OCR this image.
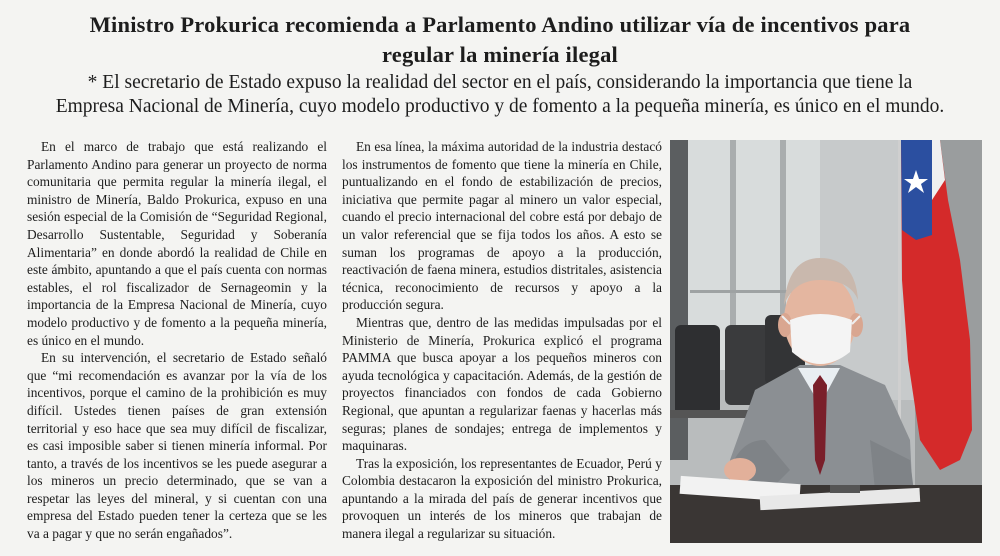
Ministro Prokurica recomienda a Parlamento Andino utilizar vía de incentivos para
regular la minería ilegal
* El secretario de Estado expuso la realidad del sector en el país, considerando la importancia que tiene la
Empresa Nacional de Minería, cuyo modelo productivo y de fomento a la pequeña minería, es único en el mundo.

En el marco de trabajo que está realizando el Parlamento Andino para generar un proyecto de norma comunitaria que permita regular la minería ilegal, el ministro de Minería, Baldo Prokurica, expuso en una sesión especial de la Comisión de “Seguridad Regional, Desarrollo Sustentable, Seguridad y Soberanía Alimentaria” en donde abordó la realidad de Chile en este ámbito, apuntando a que el país cuenta con normas estables, el rol fiscalizador de Sernageomin y la importancia de la Empresa Nacional de Minería, cuyo modelo productivo y de fomento a la pequeña minería, es único en el mundo.

En su intervención, el secretario de Estado señaló que “mi recomendación es avanzar por la vía de los incentivos, porque el camino de la prohibición es muy difícil. Ustedes tienen países de gran extensión territorial y eso hace que sea muy difícil de fiscalizar, es casi imposible saber si tienen minería informal. Por tanto, a través de los incentivos se les puede asegurar a los mineros un precio determinado, que se van a respetar las leyes del mineral, y si cuentan con una empresa del Estado pueden tener la certeza que se les va a pagar y que no serán engañados”.

En esa línea, la máxima autoridad de la industria destacó los instrumentos de fomento que tiene la minería en Chile, puntualizando en el fondo de estabilización de precios, iniciativa que permite pagar al minero un valor especial, cuando el precio internacional del cobre está por debajo de un valor referencial que se fija todos los años. A esto se suman los programas de apoyo a la producción, reactivación de faena minera, estudios distritales, asistencia técnica, reconocimiento de recursos y apoyo a la producción segura.

Mientras que, dentro de las medidas impulsadas por el Ministerio de Minería, Prokurica explicó el programa PAMMA que busca apoyar a los pequeños mineros con ayuda tecnológica y capacitación. Además, de la gestión de proyectos financiados con fondos de cada Gobierno Regional, que apuntan a regularizar faenas y hacerlas más seguras; planes de sondajes; entrega de implementos y maquinaras.

Tras la exposición, los representantes de Ecuador, Perú y Colombia destacaron la exposición del ministro Prokurica, apuntando a la mirada del país de generar incentivos que provoquen un interés de los mineros que trabajan de manera ilegal a regularizar su situación.
